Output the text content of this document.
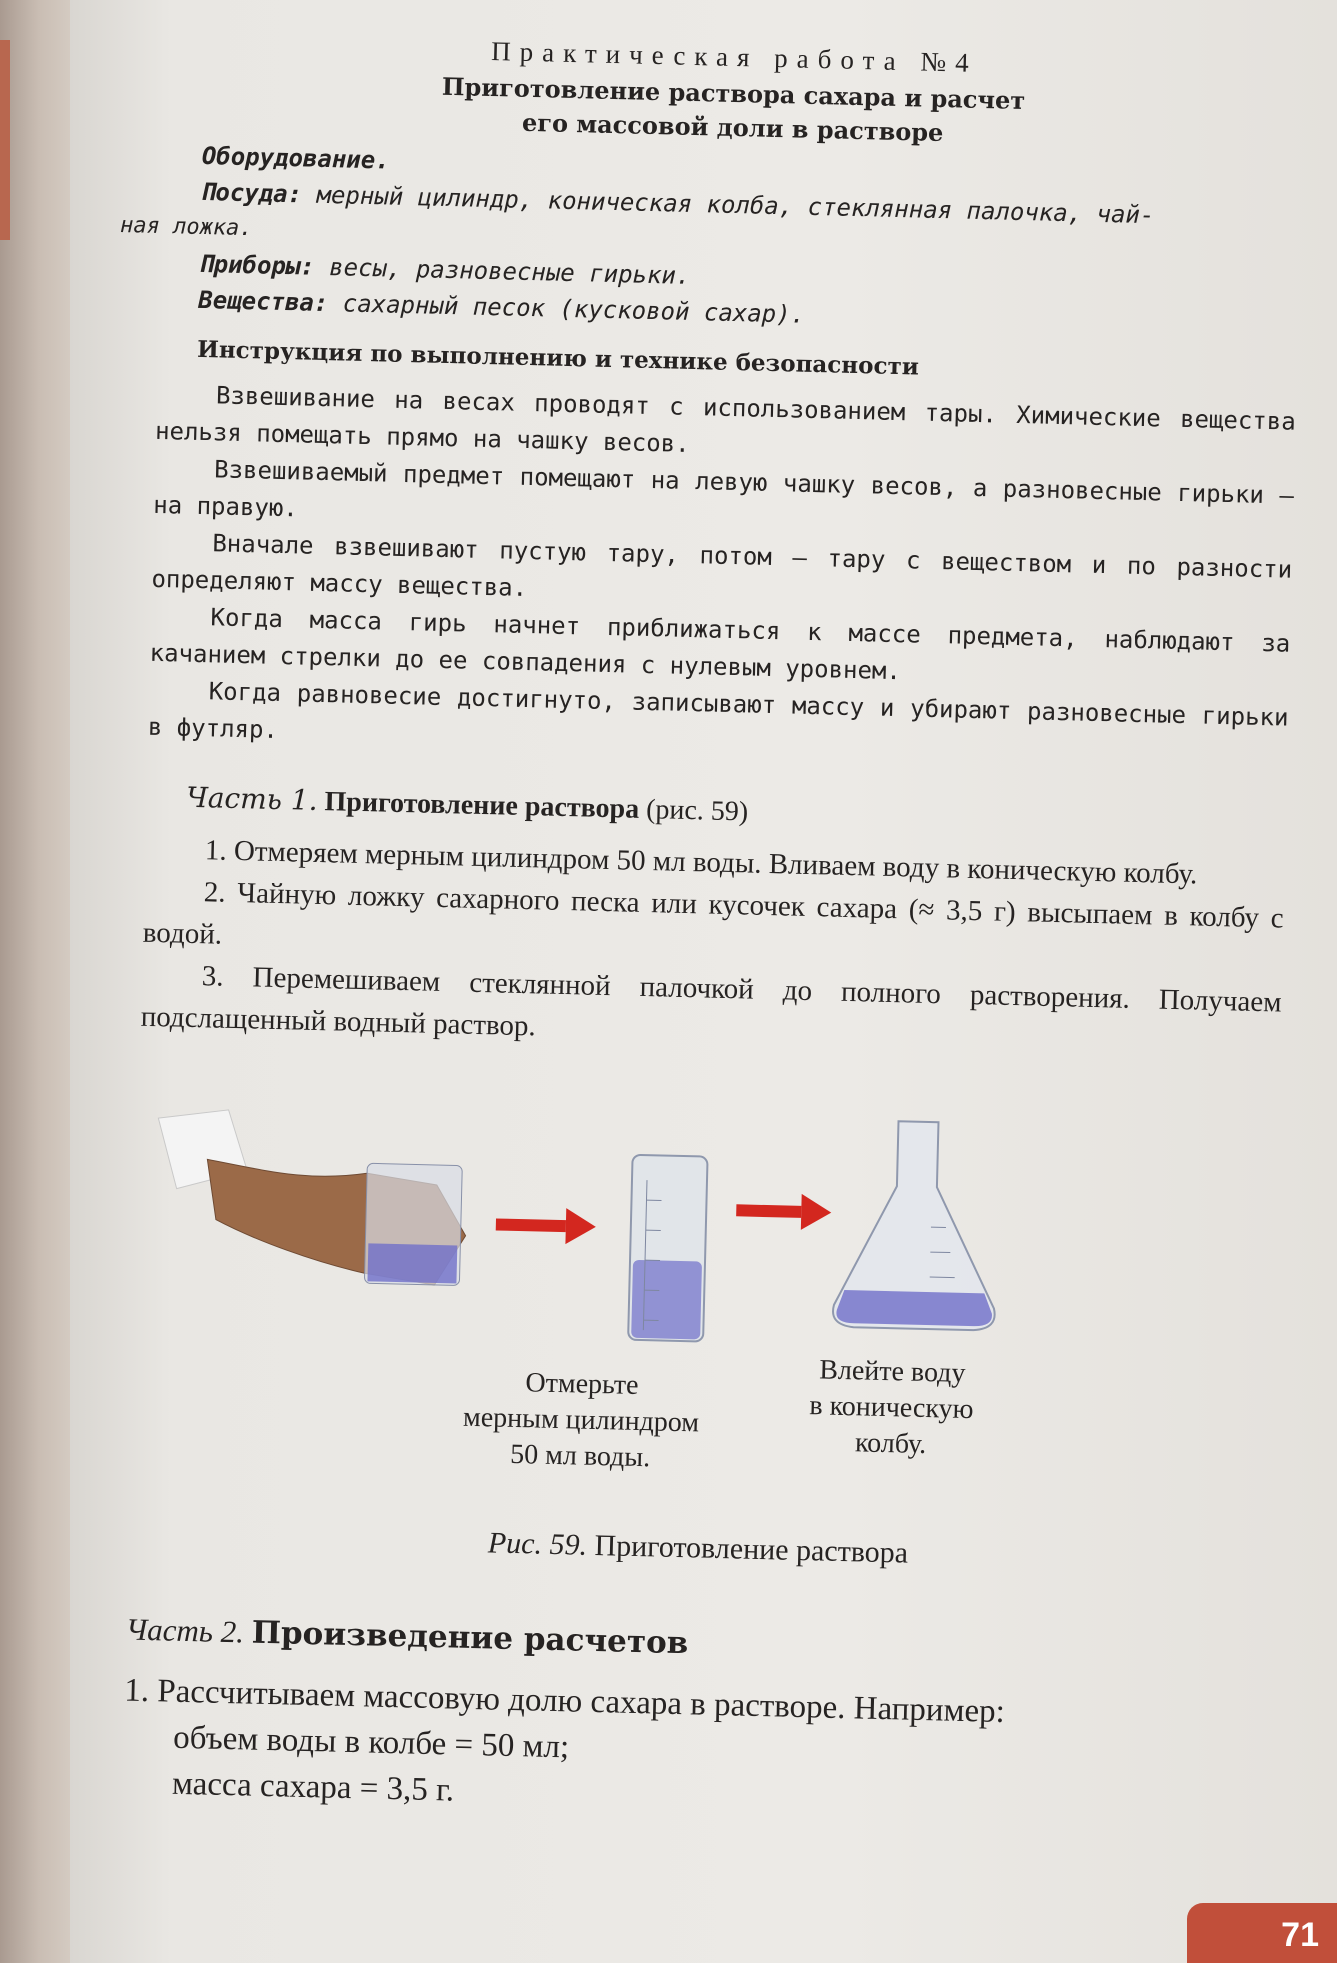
Практическая работа №4
Приготовление раствора сахара и расчет
его массовой доли в растворе
Оборудование.
Посуда: мерный цилиндр, коническая колба, стеклянная палочка, чай-
ная ложка.
Приборы: весы, разновесные гирьки.
Вещества: сахарный песок (кусковой сахар).
Инструкция по выполнению и технике безопасности

Взвешивание на весах проводят с использованием тары. Химические вещества нельзя помещать прямо на чашку весов.

Взвешиваемый предмет помещают на левую чашку весов, а разновесные гирьки – на правую.

Вначале взвешивают пустую тару, потом – тару с веществом и по разности определяют массу вещества.

Когда масса гирь начнет приближаться к массе предмета, наблюдают за качанием стрелки до ее совпадения с нулевым уровнем.

Когда равновесие достигнуто, записывают массу и убирают разновесные гирьки в футляр.

Часть 1. Приготовление раствора (рис. 59)

1. Отмеряем мерным цилиндром 50 мл воды. Вливаем воду в коническую колбу.

2. Чайную ложку сахарного песка или кусочек сахара (≈ 3,5 г) высыпаем в колбу с водой.

3. Перемешиваем стеклянной палочкой до полного растворения. Получаем подслащенный водный раствор.

Отмерьте
мерным цилиндром
50 мл воды.
Влейте воду
в коническую
колбу.
Рис. 59. Приготовление раствора
Часть 2. Произведение расчетов
1. Рассчитываем массовую долю сахара в растворе. Например:
объем воды в колбе = 50 мл;
масса сахара = 3,5 г.
71
